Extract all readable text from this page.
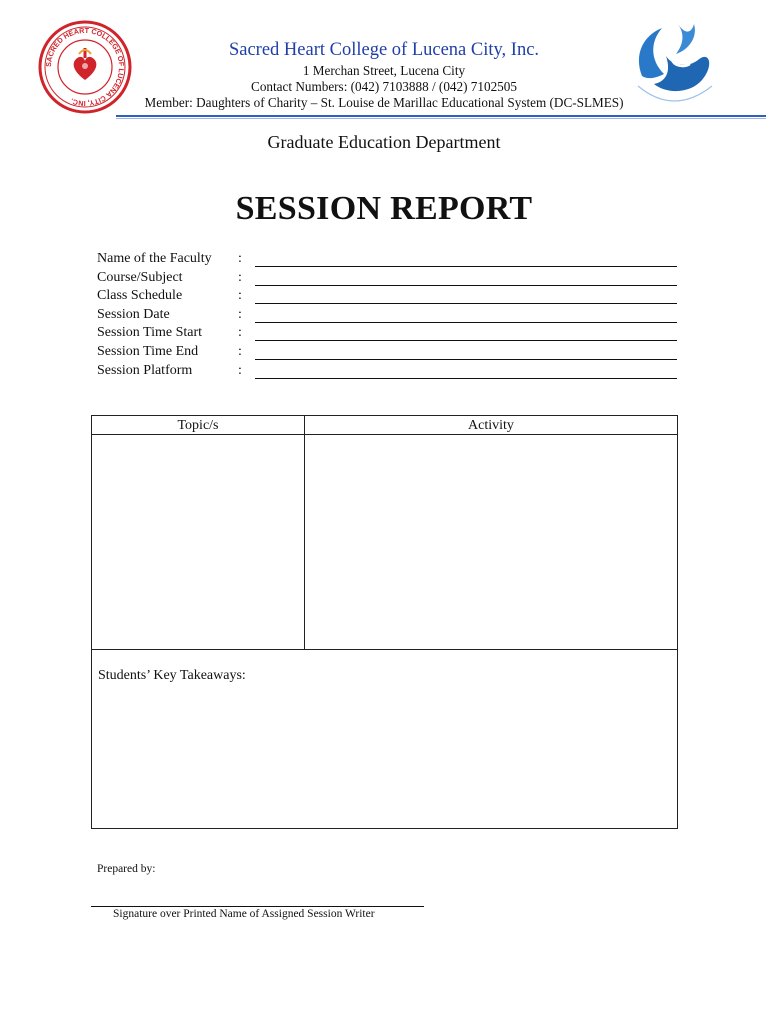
SACRED HEART COLLEGE OF LUCENA CITY, INC.
Sacred Heart College of Lucena City, Inc.
1 Merchan Street, Lucena City
Contact Numbers: (042) 7103888 / (042) 7102505
Member: Daughters of Charity – St. Louise de Marillac Educational System (DC-SLMES)
Graduate Education Department
SESSION REPORT
Name of the Faculty :
Course/Subject	:
Class Schedule	:
Session Date	:
Session Time Start	:
Session Time End	:
Session Platform	:
Topic/s	Activity
Students’ Key Takeaways:
Prepared by:
Signature over Printed Name of Assigned Session Writer
